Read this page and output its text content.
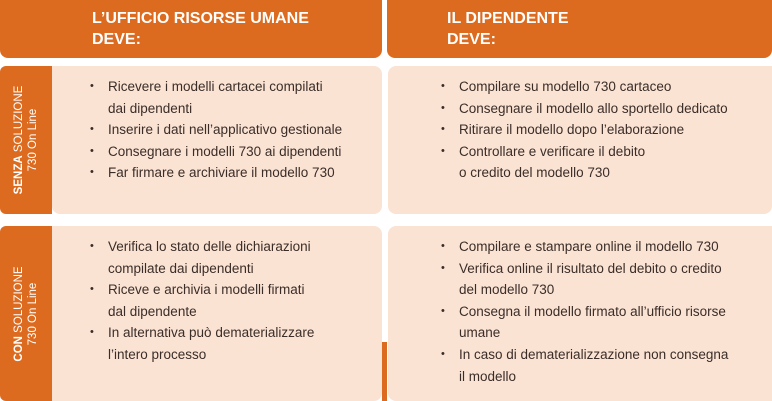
L’UFFICIO RISORSE UMANE
DEVE:
IL DIPENDENTE
DEVE:
SENZA SOLUZIONE 730 On Line
CON SOLUZIONE 730 On Line
• Ricevere i modelli cartacei compilati
dai dipendenti
• Inserire i dati nell’applicativo gestionale
• Consegnare i modelli 730 ai dipendenti
• Far firmare e archiviare il modello 730
• Compilare su modello 730 cartaceo
• Consegnare il modello allo sportello dedicato
• Ritirare il modello dopo l’elaborazione
• Controllare e verificare il debito
o credito del modello 730
• Verifica lo stato delle dichiarazioni
compilate dai dipendenti
• Riceve e archivia i modelli firmati
dal dipendente
• In alternativa può dematerializzare
l’intero processo
• Compilare e stampare online il modello 730
• Verifica online il risultato del debito o credito
del modello 730
• Consegna il modello firmato all’ufficio risorse
umane
• In caso di dematerializzazione non consegna
il modello
